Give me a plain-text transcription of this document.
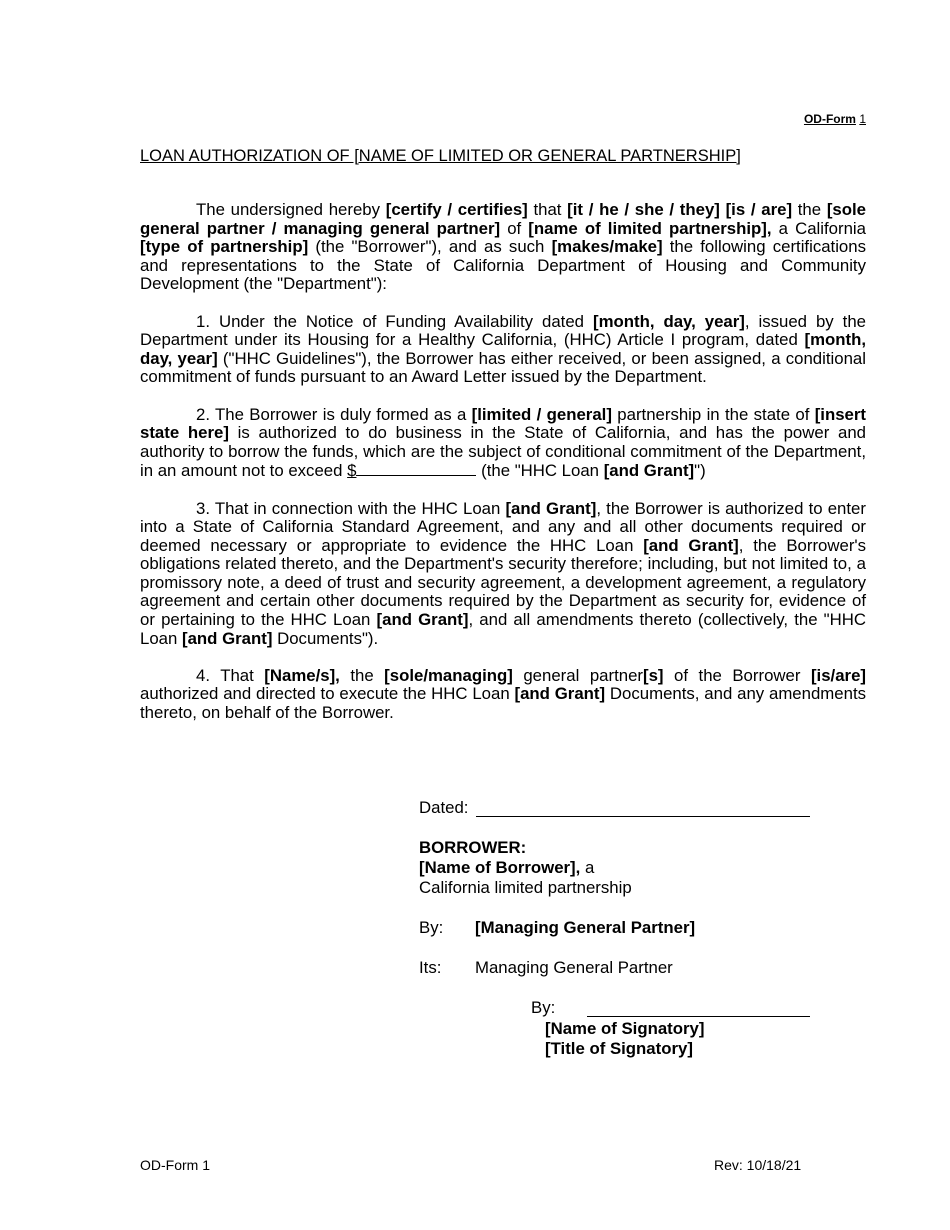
OD-Form 1
LOAN AUTHORIZATION OF [NAME OF LIMITED OR GENERAL PARTNERSHIP]

The undersigned hereby [certify / certifies] that [it / he / she / they] [is / are] the [sole general partner / managing general partner] of [name of limited partnership], a California [type of partnership] (the "Borrower"), and as such [makes/make] the following certifications and representations to the State of California Department of Housing and Community Development (the "Department"):

1. Under the Notice of Funding Availability dated [month, day, year], issued by the Department under its Housing for a Healthy California, (HHC) Article I program, dated [month, day, year] ("HHC Guidelines"), the Borrower has either received, or been assigned, a conditional commitment of funds pursuant to an Award Letter issued by the Department.

2. The Borrower is duly formed as a [limited / general] partnership in the state of [insert state here] is authorized to do business in the State of California, and has the power and authority to borrow the funds, which are the subject of conditional commitment of the Department, in an amount not to exceed $	(the "HHC Loan [and Grant]")

3. That in connection with the HHC Loan [and Grant], the Borrower is authorized to enter into a State of California Standard Agreement, and any and all other documents required or deemed necessary or appropriate to evidence the HHC Loan [and Grant], the Borrower's obligations related thereto, and the Department's security therefore; including, but not limited to, a promissory note, a deed of trust and security agreement, a development agreement, a regulatory agreement and certain other documents required by the Department as security for, evidence of or pertaining to the HHC Loan [and Grant], and all amendments thereto (collectively, the "HHC Loan [and Grant] Documents").

4. That [Name/s], the [sole/managing] general partner[s] of the Borrower [is/are] authorized and directed to execute the HHC Loan [and Grant] Documents, and any amendments thereto, on behalf of the Borrower.

Dated:
BORROWER:
[Name of Borrower], a
California limited partnership
By: [Managing General Partner]
Its: Managing General Partner
By:
[Name of Signatory]
[Title of Signatory]
OD-Form 1	Rev: 10/18/21
